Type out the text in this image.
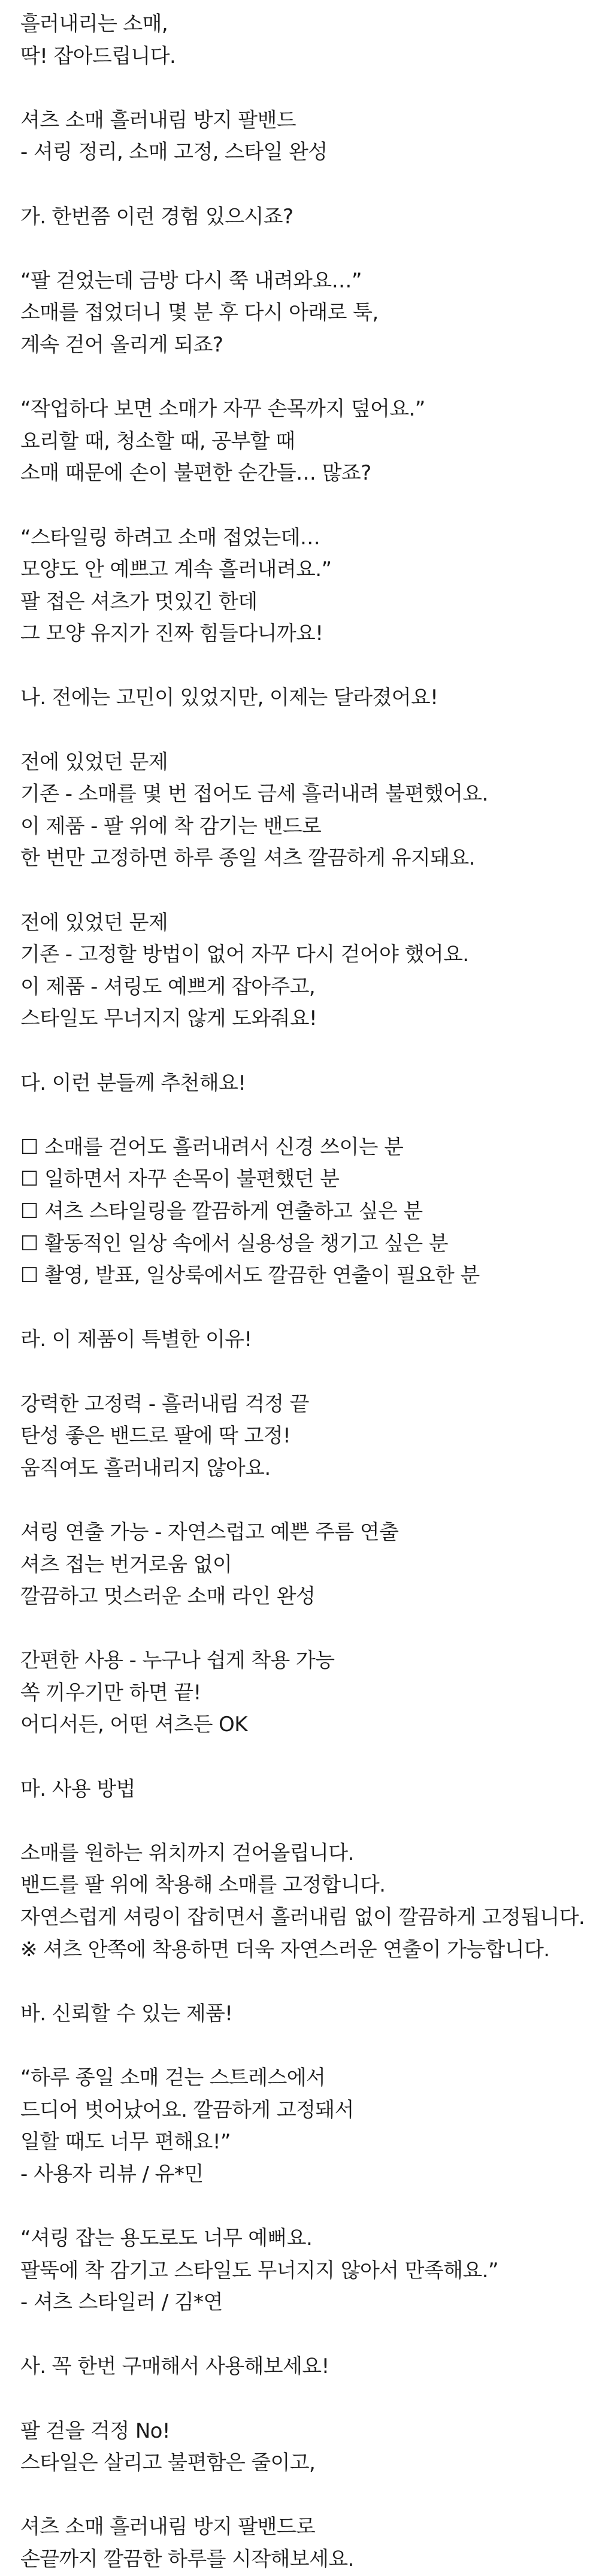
흘러내리는 소매,
딱! 잡아드립니다.
셔츠 소매 흘러내림 방지 팔밴드
- 셔링 정리, 소매 고정, 스타일 완성
가. 한번쯤 이런 경험 있으시죠?
“팔 걷었는데 금방 다시 쭉 내려와요…”
소매를 접었더니 몇 분 후 다시 아래로 툭,
계속 걷어 올리게 되죠?
“작업하다 보면 소매가 자꾸 손목까지 덮어요.”
요리할 때, 청소할 때, 공부할 때
소매 때문에 손이 불편한 순간들… 많죠?
“스타일링 하려고 소매 접었는데…
모양도 안 예쁘고 계속 흘러내려요.”
팔 접은 셔츠가 멋있긴 한데
그 모양 유지가 진짜 힘들다니까요!
나. 전에는 고민이 있었지만, 이제는 달라졌어요!
전에 있었던 문제
기존 - 소매를 몇 번 접어도 금세 흘러내려 불편했어요.
이 제품 - 팔 위에 착 감기는 밴드로
한 번만 고정하면 하루 종일 셔츠 깔끔하게 유지돼요.
전에 있었던 문제
기존 - 고정할 방법이 없어 자꾸 다시 걷어야 했어요.
이 제품 - 셔링도 예쁘게 잡아주고,
스타일도 무너지지 않게 도와줘요!
다. 이런 분들께 추천해요!
☐ 소매를 걷어도 흘러내려서 신경 쓰이는 분
☐ 일하면서 자꾸 손목이 불편했던 분
☐ 셔츠 스타일링을 깔끔하게 연출하고 싶은 분
☐ 활동적인 일상 속에서 실용성을 챙기고 싶은 분
☐ 촬영, 발표, 일상룩에서도 깔끔한 연출이 필요한 분
라. 이 제품이 특별한 이유!
강력한 고정력 - 흘러내림 걱정 끝
탄성 좋은 밴드로 팔에 딱 고정!
움직여도 흘러내리지 않아요.
셔링 연출 가능 - 자연스럽고 예쁜 주름 연출
셔츠 접는 번거로움 없이
깔끔하고 멋스러운 소매 라인 완성
간편한 사용 - 누구나 쉽게 착용 가능
쏙 끼우기만 하면 끝!
어디서든, 어떤 셔츠든 OK
마. 사용 방법
소매를 원하는 위치까지 걷어올립니다.
밴드를 팔 위에 착용해 소매를 고정합니다.
자연스럽게 셔링이 잡히면서 흘러내림 없이 깔끔하게 고정됩니다.
※ 셔츠 안쪽에 착용하면 더욱 자연스러운 연출이 가능합니다.
바. 신뢰할 수 있는 제품!
“하루 종일 소매 걷는 스트레스에서
드디어 벗어났어요. 깔끔하게 고정돼서
일할 때도 너무 편해요!”
- 사용자 리뷰 / 유*민
“셔링 잡는 용도로도 너무 예뻐요.
팔뚝에 착 감기고 스타일도 무너지지 않아서 만족해요.”
- 셔츠 스타일러 / 김*연
사. 꼭 한번 구매해서 사용해보세요!
팔 걷을 걱정 No!
스타일은 살리고 불편함은 줄이고,
셔츠 소매 흘러내림 방지 팔밴드로
손끝까지 깔끔한 하루를 시작해보세요.
